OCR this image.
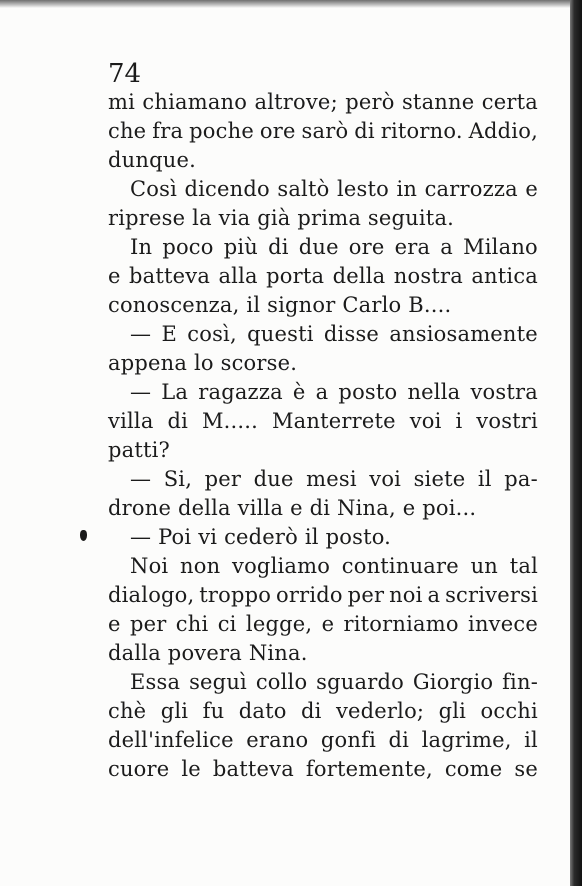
74
mi chiamano altrove; però stanne certa
che fra poche ore sarò di ritorno. Addio,
dunque.
Così dicendo saltò lesto in carrozza e
riprese la via già prima seguita.
In poco più di due ore era a Milano
e batteva alla porta della nostra antica
conoscenza, il signor Carlo B....
— E così, questi disse ansiosamente
appena lo scorse.
— La ragazza è a posto nella vostra
villa di M..... Manterrete voi i vostri
patti?
— Si, per due mesi voi siete il pa-
drone della villa e di Nina, e poi...
— Poi vi cederò il posto.
Noi non vogliamo continuare un tal
dialogo, troppo orrido per noi a scriversi
e per chi ci legge, e ritorniamo invece
dalla povera Nina.
Essa seguì collo sguardo Giorgio fin-
chè gli fu dato di vederlo; gli occhi
dell'infelice erano gonfi di lagrime, il
cuore le batteva fortemente, come se
